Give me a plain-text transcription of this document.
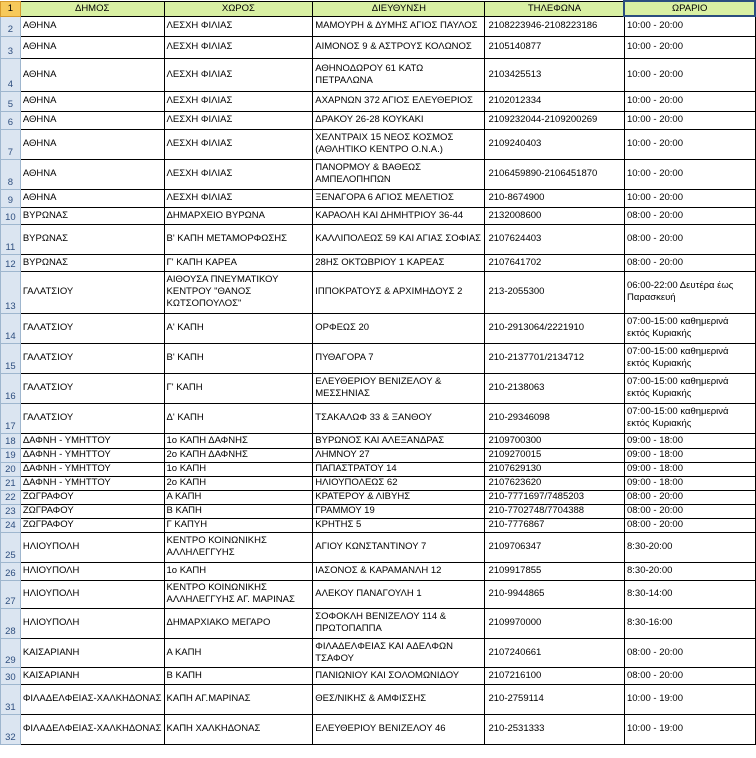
1	ΔΗΜΟΣ	ΧΩΡΟΣ	ΔΙΕΥΘΥΝΣΗ	ΤΗΛΕΦΩΝΑ	ΩΡΑΡΙΟ
2	ΑΘΗΝΑ	ΛΕΣΧΗ ΦΙΛΙΑΣ	ΜΑΜΟΥΡΗ & ΔΥΜΗΣ ΑΓΙΟΣ ΠΑΥΛΟΣ	2108223946-2108223186	10:00 - 20:00
3	ΑΘΗΝΑ	ΛΕΣΧΗ ΦΙΛΙΑΣ	ΑΙΜΟΝΟΣ 9 & ΑΣΤΡΟΥΣ ΚΟΛΩΝΟΣ	2105140877	10:00 - 20:00
4	ΑΘΗΝΑ	ΛΕΣΧΗ ΦΙΛΙΑΣ	ΑΘΗΝΟΔΩΡΟΥ 61 ΚΑΤΩ ΠΕΤΡΑΛΩΝΑ	2103425513	10:00 - 20:00
5	ΑΘΗΝΑ	ΛΕΣΧΗ ΦΙΛΙΑΣ	ΑΧΑΡΝΩΝ 372 ΑΓΙΟΣ ΕΛΕΥΘΕΡΙΟΣ	2102012334	10:00 - 20:00
6	ΑΘΗΝΑ	ΛΕΣΧΗ ΦΙΛΙΑΣ	ΔΡΑΚΟΥ 26-28 ΚΟΥΚΑΚΙ	2109232044-2109200269	10:00 - 20:00
7	ΑΘΗΝΑ	ΛΕΣΧΗ ΦΙΛΙΑΣ	ΧΕΛΝΤΡΑΙΧ 15 ΝΕΟΣ ΚΟΣΜΟΣ (ΑΘΛΗΤΙΚΟ ΚΕΝΤΡΟ Ο.Ν.Α.)	2109240403	10:00 - 20:00
8	ΑΘΗΝΑ	ΛΕΣΧΗ ΦΙΛΙΑΣ	ΠΑΝΟΡΜΟΥ & ΒΑΘΕΩΣ ΑΜΠΕΛΟΠΗΠΩΝ	2106459890-2106451870	10:00 - 20:00
9	ΑΘΗΝΑ	ΛΕΣΧΗ ΦΙΛΙΑΣ	ΞΕΝΑΓΟΡΑ 6 ΑΓΙΟΣ ΜΕΛΕΤΙΟΣ	210-8674900	10:00 - 20:00
10	ΒΥΡΩΝΑΣ	ΔΗΜΑΡΧΕΙΟ ΒΥΡΩΝΑ	ΚΑΡΑΟΛΗ ΚΑΙ ΔΗΜΗΤΡΙΟΥ 36-44	2132008600	08:00 - 20:00
11	ΒΥΡΩΝΑΣ	Β' ΚΑΠΗ ΜΕΤΑΜΟΡΦΩΣΗΣ	ΚΑΛΛΙΠΟΛΕΩΣ 59 ΚΑΙ ΑΓΙΑΣ ΣΟΦΙΑΣ	2107624403	08:00 - 20:00
12	ΒΥΡΩΝΑΣ	Γ' ΚΑΠΗ ΚΑΡΕΑ	28ΗΣ ΟΚΤΩΒΡΙΟΥ 1 ΚΑΡΕΑΣ	2107641702	08:00 - 20:00
13	ΓΑΛΑΤΣΙΟΥ	ΑΙΘΟΥΣΑ ΠΝΕΥΜΑΤΙΚΟΥ ΚΕΝΤΡΟΥ "ΘΑΝΟΣ ΚΩΤΣΟΠΟΥΛΟΣ"	ΙΠΠΟΚΡΑΤΟΥΣ & ΑΡΧΙΜΗΔΟΥΣ 2	213-2055300	06:00-22:00 Δευτέρα έως Παρασκευή
14	ΓΑΛΑΤΣΙΟΥ	Α' ΚΑΠΗ	ΟΡΦΕΩΣ 20	210-2913064/2221910	07:00-15:00 καθημερινά εκτός Κυριακής
15	ΓΑΛΑΤΣΙΟΥ	Β' ΚΑΠΗ	ΠΥΘΑΓΟΡΑ 7	210-2137701/2134712	07:00-15:00 καθημερινά εκτός Κυριακής
16	ΓΑΛΑΤΣΙΟΥ	Γ' ΚΑΠΗ	ΕΛΕΥΘΕΡΙΟΥ ΒΕΝΙΖΕΛΟΥ & ΜΕΣΣΗΝΙΑΣ	210-2138063	07:00-15:00 καθημερινά εκτός Κυριακής
17	ΓΑΛΑΤΣΙΟΥ	Δ' ΚΑΠΗ	ΤΣΑΚΑΛΩΦ 33 & ΞΑΝΘΟΥ	210-29346098	07:00-15:00 καθημερινά εκτός Κυριακής
18	ΔΑΦΝΗ - ΥΜΗΤΤΟΥ	1ο ΚΑΠΗ ΔΑΦΝΗΣ	ΒΥΡΩΝΟΣ ΚΑΙ ΑΛΕΞΑΝΔΡΑΣ	2109700300	09:00 - 18:00
19	ΔΑΦΝΗ - ΥΜΗΤΤΟΥ	2ο ΚΑΠΗ ΔΑΦΝΗΣ	ΛΗΜΝΟΥ 27	2109270015	09:00 - 18:00
20	ΔΑΦΝΗ - ΥΜΗΤΤΟΥ	1ο ΚΑΠΗ	ΠΑΠΑΣΤΡΑΤΟΥ 14	2107629130	09:00 - 18:00
21	ΔΑΦΝΗ - ΥΜΗΤΤΟΥ	2ο ΚΑΠΗ	ΗΛΙΟΥΠΟΛΕΩΣ 62	2107623620	09:00 - 18:00
22	ΖΩΓΡΑΦΟΥ	Α ΚΑΠΗ	ΚΡΑΤΕΡΟΥ & ΛΙΒΥΗΣ	210-7771697/7485203	08:00 - 20:00
23	ΖΩΓΡΑΦΟΥ	Β ΚΑΠΗ	ΓΡΑΜΜΟΥ 19	210-7702748/7704388	08:00 - 20:00
24	ΖΩΓΡΑΦΟΥ	Γ ΚΑΠΥΗ	ΚΡΗΤΗΣ 5	210-7776867	08:00 - 20:00
25	ΗΛΙΟΥΠΟΛΗ	ΚΕΝΤΡΟ ΚΟΙΝΩΝΙΚΗΣ ΑΛΛΗΛΕΓΓΥΗΣ	ΑΓΙΟΥ ΚΩΝΣΤΑΝΤΙΝΟΥ 7	2109706347	8:30-20:00
26	ΗΛΙΟΥΠΟΛΗ	1ο ΚΑΠΗ	ΙΑΣΟΝΟΣ & ΚΑΡΑΜΑΝΛΗ 12	2109917855	8:30-20:00
27	ΗΛΙΟΥΠΟΛΗ	ΚΕΝΤΡΟ ΚΟΙΝΩΝΙΚΗΣ ΑΛΛΗΛΕΓΓΥΗΣ ΑΓ. ΜΑΡΙΝΑΣ	ΑΛΕΚΟΥ ΠΑΝΑΓΟΥΛΗ 1	210-9944865	8:30-14:00
28	ΗΛΙΟΥΠΟΛΗ	ΔΗΜΑΡΧΙΑΚΟ ΜΕΓΑΡΟ	ΣΟΦΟΚΛΗ ΒΕΝΙΖΕΛΟΥ 114 & ΠΡΩΤΟΠΑΠΠΑ	2109970000	8:30-16:00
29	ΚΑΙΣΑΡΙΑΝΗ	Α ΚΑΠΗ	ΦΙΛΑΔΕΛΦΕΙΑΣ ΚΑΙ ΑΔΕΛΦΩΝ ΤΣΑΦΟΥ	2107240661	08:00 - 20:00
30	ΚΑΙΣΑΡΙΑΝΗ	Β ΚΑΠΗ	ΠΑΝΙΩΝΙΟΥ ΚΑΙ ΣΟΛΟΜΩΝΙΔΟΥ	2107216100	08:00 - 20:00
31	ΦΙΛΑΔΕΛΦΕΙΑΣ-ΧΑΛΚΗΔΟΝΑΣ	ΚΑΠΗ ΑΓ.ΜΑΡΙΝΑΣ	ΘΕΣ/ΝΙΚΗΣ & ΑΜΦΙΣΣΗΣ	210-2759114	10:00 - 19:00
32	ΦΙΛΑΔΕΛΦΕΙΑΣ-ΧΑΛΚΗΔΟΝΑΣ	ΚΑΠΗ ΧΑΛΚΗΔΟΝΑΣ	ΕΛΕΥΘΕΡΙΟΥ ΒΕΝΙΖΕΛΟΥ 46	210-2531333	10:00 - 19:00
